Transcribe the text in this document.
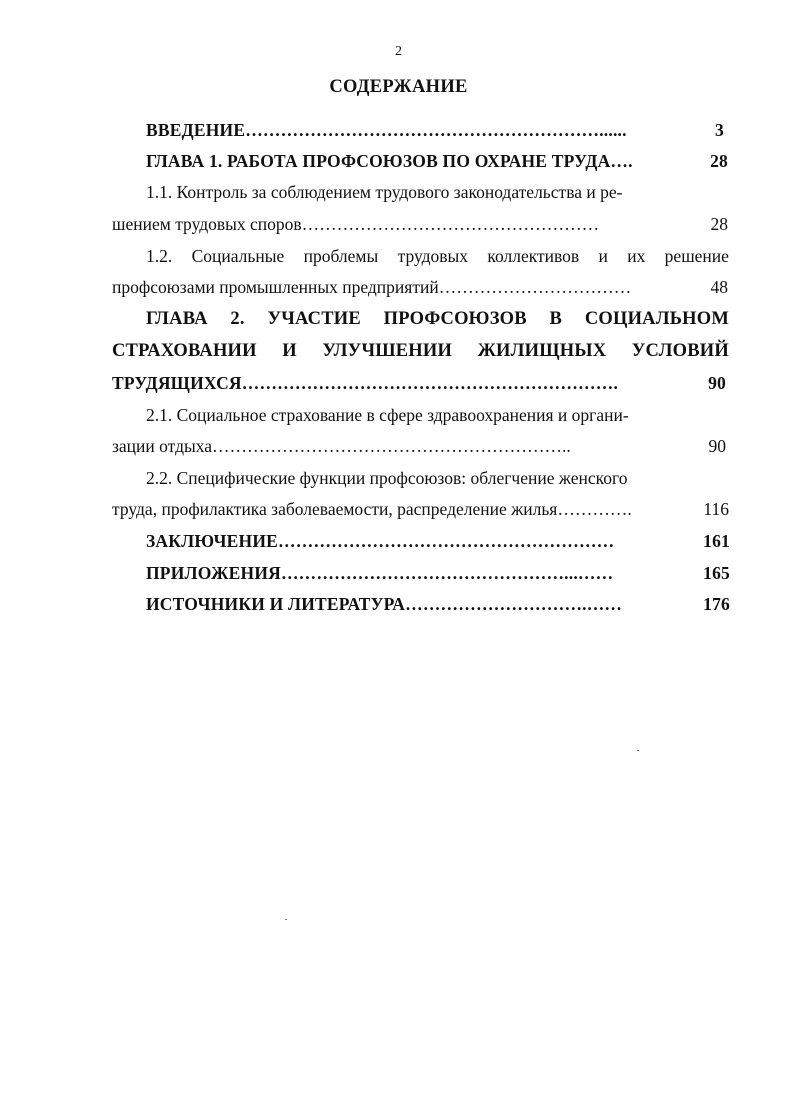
2
СОДЕРЖАНИЕ
ВВЕДЕНИЕ……………………………………………………......	3
ГЛАВА 1. РАБОТА ПРОФСОЮЗОВ ПО ОХРАНЕ ТРУДА….	28
1.1. Контроль за соблюдением трудового законодательства и ре-
шением трудовых споров……………………………………………	28
1.2. Социальные проблемы трудовых коллективов и их решение
профсоюзами промышленных предприятий……………………………	48
ГЛАВА 2. УЧАСТИЕ ПРОФСОЮЗОВ В СОЦИАЛЬНОМ
СТРАХОВАНИИ И УЛУЧШЕНИИ ЖИЛИЩНЫХ УСЛОВИЙ
ТРУДЯЩИХСЯ……………………………………………………….	90
2.1. Социальное страхование в сфере здравоохранения и органи-
зации отдыха……………………………………………………..	90
2.2. Специфические функции профсоюзов: облегчение женского
труда, профилактика заболеваемости, распределение жилья………….	116
ЗАКЛЮЧЕНИЕ…………………………………………………	161
ПРИЛОЖЕНИЯ…………………………………………...……	165
ИСТОЧНИКИ И ЛИТЕРАТУРА………………………….……	176
